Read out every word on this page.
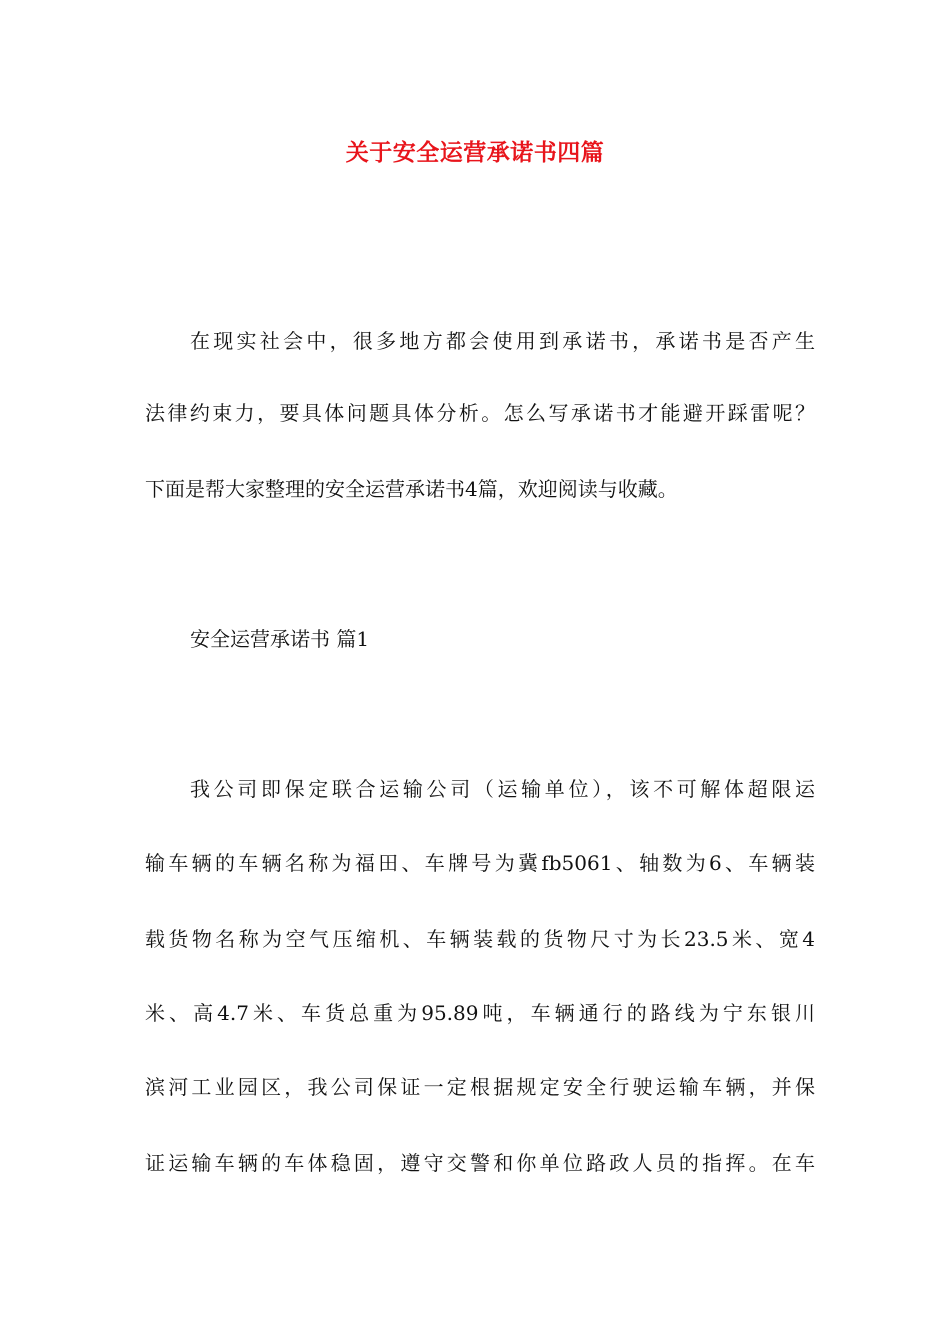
关于安全运营承诺书四篇
在现实社会中，很多地方都会使用到承诺书，承诺书是否产生
法律约束力，要具体问题具体分析。怎么写承诺书才能避开踩雷呢？
下面是帮大家整理的安全运营承诺书4篇，欢迎阅读与收藏。
安全运营承诺书 篇1
我公司即保定联合运输公司（运输单位），该不可解体超限运
输车辆的车辆名称为福田、车牌号为冀fb5061、轴数为6、车辆装
载货物名称为空气压缩机、车辆装载的货物尺寸为长23.5米、宽4
米、高4.7米、车货总重为95.89吨，车辆通行的路线为宁东银川
滨河工业园区，我公司保证一定根据规定安全行驶运输车辆，并保
证运输车辆的车体稳固，遵守交警和你单位路政人员的指挥。在车
